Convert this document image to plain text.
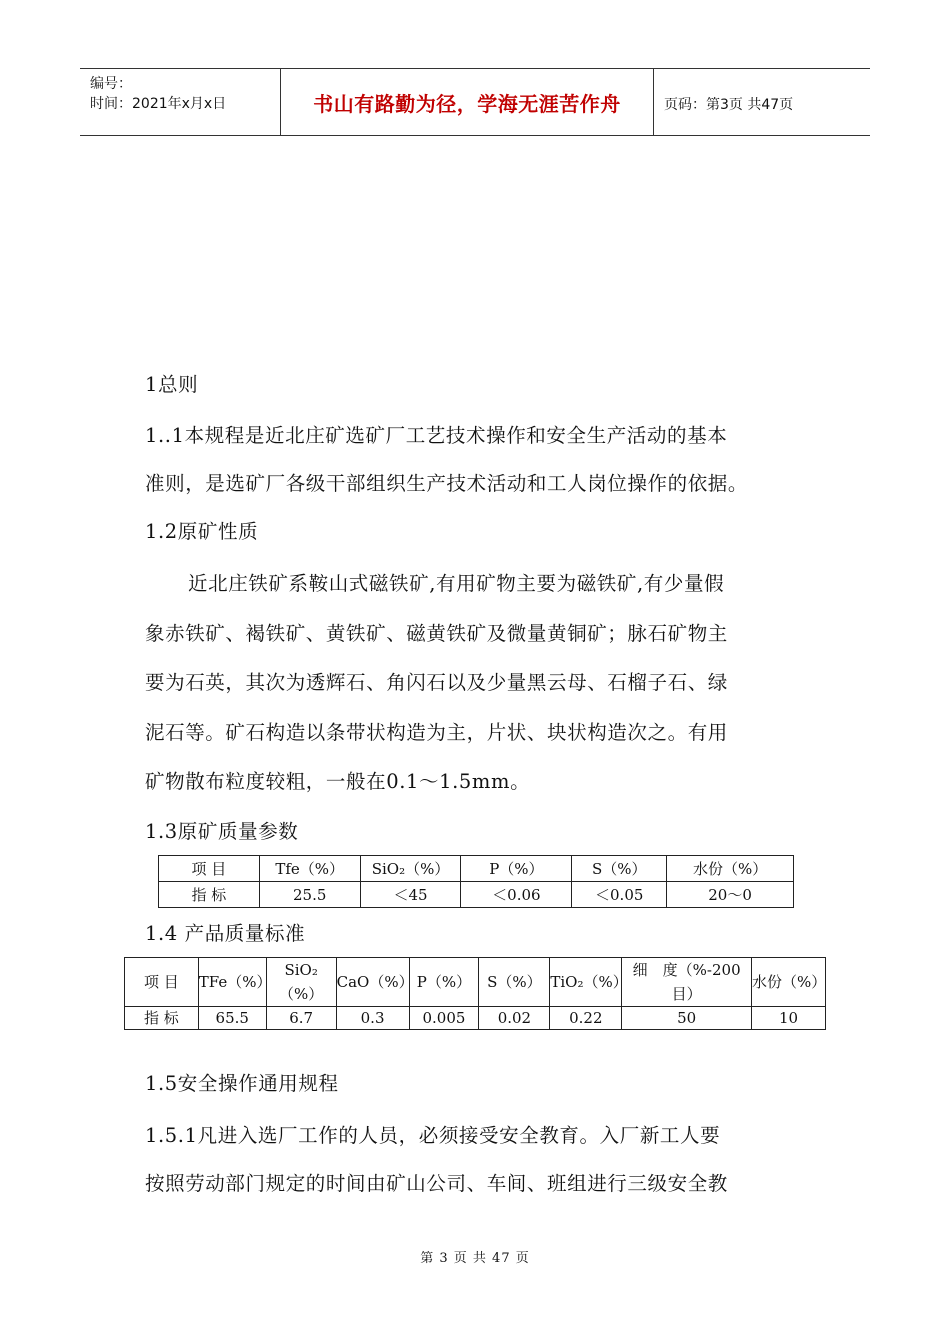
编号：
时间：2021年x月x日	书山有路勤为径，学海无涯苦作舟	页码：第3页 共47页
1总则
1..1本规程是近北庄矿选矿厂工艺技术操作和安全生产活动的基本
准则，是选矿厂各级干部组织生产技术活动和工人岗位操作的依据。
1.2原矿性质
近北庄铁矿系鞍山式磁铁矿,有用矿物主要为磁铁矿,有少量假
象赤铁矿、褐铁矿、黄铁矿、磁黄铁矿及微量黄铜矿；脉石矿物主
要为石英，其次为透辉石、角闪石以及少量黑云母、石榴子石、绿
泥石等。矿石构造以条带状构造为主，片状、块状构造次之。有用
矿物散布粒度较粗，一般在0.1～1.5mm。
1.3原矿质量参数
项 目	Tfe（%）	SiO₂（%）	P（%）	S（%）	水份（%）
指 标	25.5	＜45	＜0.06	＜0.05	20～0
1.4 产品质量标准
项 目	TFe（%）	SiO₂（%）	CaO（%）	P（%）	S（%）	TiO₂（%）	细　度（%-200目）	水份（%）
指 标	65.5	6.7	0.3	0.005	0.02	0.22	50	10
1.5安全操作通用规程
1.5.1凡进入选厂工作的人员，必须接受安全教育。入厂新工人要
按照劳动部门规定的时间由矿山公司、车间、班组进行三级安全教
第 3 页 共 47 页
